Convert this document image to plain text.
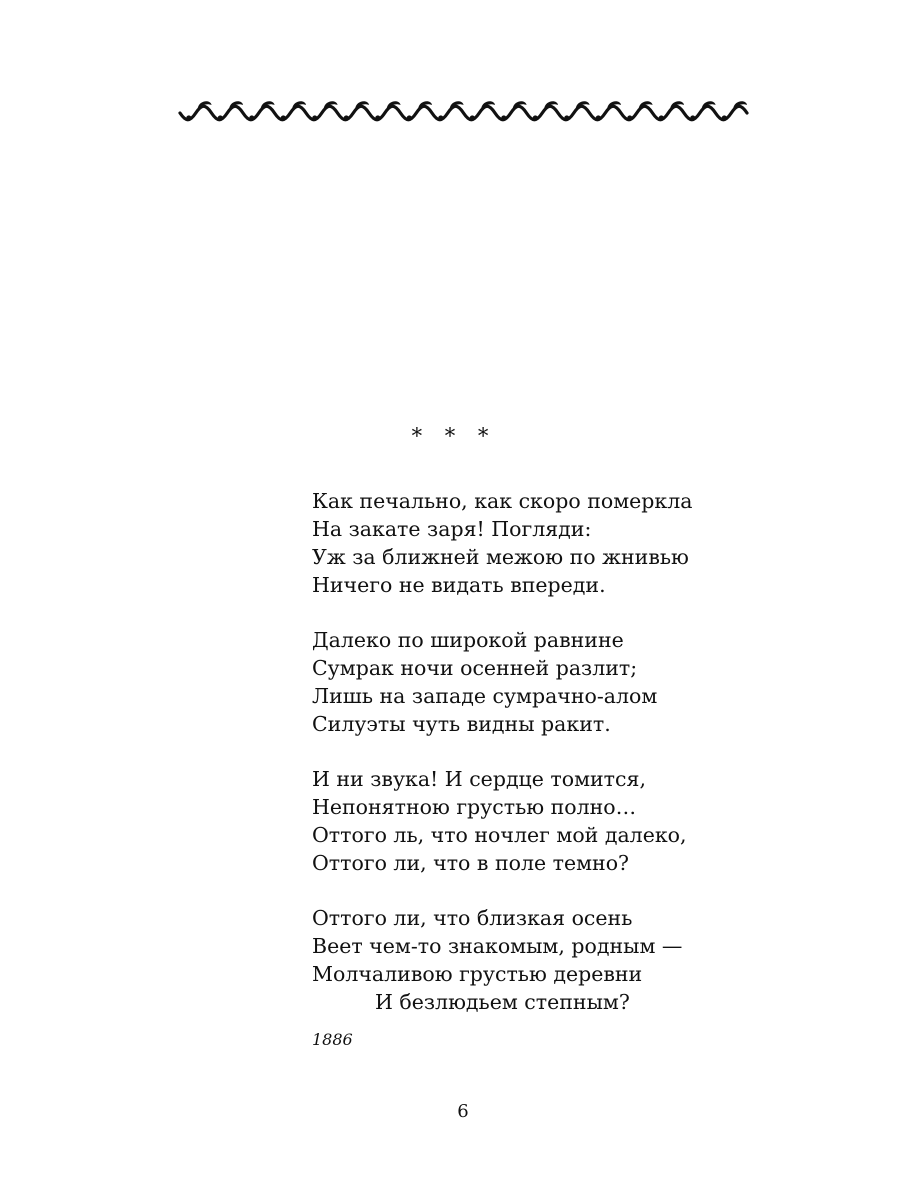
* * *
Как печально, как скоро померкла
На закате заря! Погляди:
Уж за ближней межою по жнивью
Ничего не видать впереди.
Далеко по широкой равнине
Сумрак ночи осенней разлит;
Лишь на западе сумрачно-алом
Силуэты чуть видны ракит.
И ни звука! И сердце томится,
Непонятною грустью полно…
Оттого ль, что ночлег мой далеко,
Оттого ли, что в поле темно?
Оттого ли, что близкая осень
Веет чем-то знакомым, родным —
Молчаливою грустью деревни
И безлюдьем степным?
1886
6
